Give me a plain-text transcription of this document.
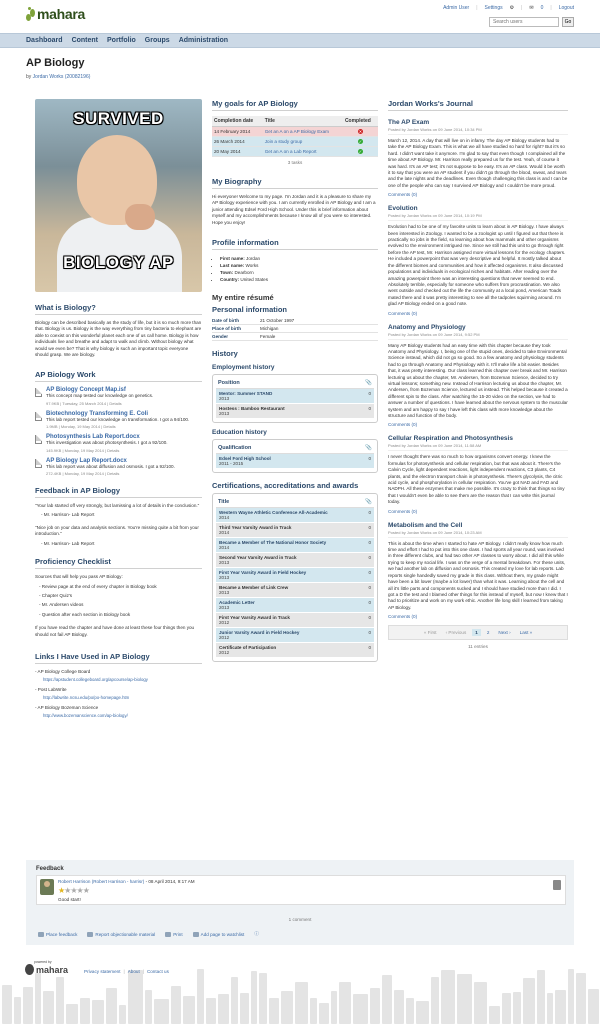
mahara	Admin User | Settings ⚙ | ✉ 0 | Logout
Search users
Go
Dashboard Content Portfolio Groups Administration
AP Biology
by Jordan Works (20082196)
SURVIVED
BIOLOGY AP
What is Biology?

Biology can be described basically as the study of life, but it is so much more than that. Biology is us. Biology is the way everything from tiny bacteria to elephant are able to coexist on this wonderful planet each one of us call home. Biology is how individuals live and breathe and adapt to walk and climb. Without biology what would we even be? That is why biology is such an important topic everyone should grasp. We are biology.

AP Biology Work
AP Biology Concept Map.isf

This concept map tested our knowledge on genetics.

97.9KB | Tuesday, 25 March 2014 | Details
Biotechnology Transforming E. Coli

This lab report tested our knowledge on transformation. I got a 94/100.

1.9MB | Monday, 19 May 2014 | Details
Photosynthesis Lab Report.docx

This investigation was about photosynthesis. I got a 92/100.

145.9KB | Monday, 19 May 2014 | Details
AP Biology Lap Report.docx

This lab report was about diffusion and osmosis. I got a 92/100.

272.4KB | Monday, 19 May 2014 | Details
Feedback in AP Biology

"Your lab started off very strongly, but lamissing a lot of details in the conclusion."

- Mr. Harrison- Lab Report

"Nice job on your data and analysis sections. You're missing quite a bit from your introduction."

- Mr. Harrison- Lab Report

Proficiency Checklist

Sources that will help you pass AP Biology:

- Review page at the end of every chapter in Biology book

- Chapter Quiz's

- Mr. Andersen videos

- Question after each section in Biology book

If you have read the chapter and have done at least these four things then you should not fail AP Biology.

Links I Have Used in AP Biology
- AP Biology College Board
https://apstudent.collegeboard.org/apcourse/ap-biology
- Post LabWrite
http://labwrite.ncsu.edu/po/po-homepage.htm
- AP Biology Bozeman Science
http://www.bozemanscience.com/ap-biology/
My goals for AP Biology
Completion date	Title	Completed
14 February 2014	Get an A on a AP Biology Exam	✕
26 March 2014	Join a study group	✓
20 May 2014	Get an A on a Lab Report	✓
3 tasks
My Biography

Hi everyone! Welcome to my page. I'm Jordan and it is a pleasure to share my AP Biology experience with you. I am currently enrolled in AP Biology and I am a junior attending Edsel Ford High School. Under this is brief information about myself and my accomplishments because I know all of you were so interested. Hope you enjoy!

Profile information
• First name: Jordan
• Last name: Works
• Town: Dearborn
• Country: United States
My entire résumé
Personal information
Date of birth	21 October 1997
Place of birth	Michigan
Gender	Female
History
Employment history
Position	📎
Mentor: Summer STAND
2013
0
Hostess : Bamboo Restaurant
2013
0
Education history
Qualification	📎
Edsel Ford High School
2011 - 2015
0
Certifications, accreditations and awards
Title	📎
Western Wayne Athletic Conference All-Academic
2014
0
Third Year Varsity Award in Track
2014
0
Became a Member of The National Honor Society
2014
0
Second Year Varsity Award in Track
2013
0
First Year Varsity Award in Field Hockey
2013
0
Became a Member of Link Crew
2013
0
Academic Letter
2013
0
First Year Varsity Award in Track
2012
0
Junior Varsity Award in Field Hockey
2012
0
Certificate of Participation
2012
0
Jordan Works's Journal
The AP Exam
Posted by Jordan Works on 09 June 2014, 10:34 PM

March 12, 2014. A day that will live on in infamy. The day AP Biology students had to take the AP Biology Exam. This is what we all have studied so hard for right? But it's so hard. I didn't want take it anymore. I'm glad to say that even though I complained all the time about AP Biology. Mr. Harrison really prepared us for the test. Yeah, of course it was hard. It's an AP test; it's not suppose to be easy. It's an AP class. Would it be worth it to say that you were an AP student if you didn't go through the blood, sweat, and tears and the late nights and the deadlines. Even though challenging this class is and I can be one of the people who can say I survived AP Biology and I couldn't be more proud.

Comments (0)
Evolution
Posted by Jordan Works on 09 June 2014, 10:19 PM

Evolution had to be one of my favorite units to learn about in AP Biology. I have always been interested in Zoology. I wanted to be a zoologist up until I figured out that there is practically no jobs in the field, so learning about how mammals and other organisms evolved to the environment intrigued me. Since we still had this unit to go through right before the AP test, Mr. Harrison assigned more virtual lessons for the ecology chapters. He included a powerpoint that was very descriptive and helpful. It mostly talked about the different biomes and communities and how it affected organisms. It also discussed populations and individuals in ecological niches and habitats. After reading over the amazing powerpoint there was an interesting questions that never seemed to end. Absolutely terrible, especially for someone who suffers from procrastination. We also went outside and checked out the life the community at a local pond, American Toads mated there and it was pretty interesting to see all the tadpoles squirming around. I'm glad AP Biology ended on a good note.

Comments (0)
Anatomy and Physiology
Posted by Jordan Works on 09 June 2014, 9:52 PM

Many AP Biology students had an easy time with this chapter because they took Anatomy and Physiology. I, being one of the stupid ones, decided to take Environmental Science instead, which did not go so good. So a few anatomy and physiology students had to go through Anatomy and Physiology with it. It'll make life a bit easier. Besides that, it was pretty interesting. Our class learned this chapter over break and Mr. Harrison lecturing us about the chapter, Mr. Andersen, from Bozeman Science, decided to try virtual lessons; something new. Instead of Harrison lecturing us about the chapter, Mr. Andersen, from Bozeman Science, lectured us instead. This helped because it created a different spin to the class. After watching the 15-20 video on the section, we had to answer a number of questions. I have learned about the nervous system to the muscular system and am happy to say I have left this class with more knowledge about the structure and function of the body.

Comments (0)
Cellular Respiration and Photosynthesis
Posted by Jordan Works on 09 June 2014, 11:58 AM

I never thought there was so much to how organisms convert energy. I knew the formulas for photosynthesis and cellular respiration, but that was about it. There's the Calvin Cycle, light dependent reactions, light independent reactions, C3 plants, C4 plants, and the electron transport chain in photosynthesis. There's glycolysis, the citric acid cycle, and phosphorylation in cellular respiration. You've got NAD and FAD and NADPH. All these enzymes that make me possible. It's crazy to think that things so tiny that I wouldn't even be able to see them are the reason that I can write this journal today.

Comments (0)
Metabolism and the Cell
Posted by Jordan Works on 09 June 2014, 10:23 AM

This is about the time when I started to hate AP Biology. I didn't really know how much time and effort I had to put into this one class. I had sports all year round, was involved in three different clubs, and had two other AP classes to worry about. I did all this while trying to keep my social life. I was on the verge of a mental breakdown. For these units, we had another lab on diffusion and osmosis. This created my love for lab reports. Lab reports single handedly saved my grade in this class. Without them, my grade might have been a bit lower (maybe a lot lower) than what it was. Learning about the cell and all it's little parts and components sucked and I should have studied more than I did. I got a D the test and I blamed other things for this instead of myself, but now I knew that I had to prioritize and work on my work ethic. Another life long skill I learned from taking AP Biology.

Comments (0)
« First	‹ Previous	1	2	Next ›	Last »
11 entries
Feedback
Robert Harrison (Robert Harrison - harrisr) - 08 April 2014, 9:17 AM
★★★★★
Good start!
1 comment
Place feedback	Report objectionable material	Print	Add page to watchlist ⓘ
powered by
mahara	Privacy statement | About | Contact us
